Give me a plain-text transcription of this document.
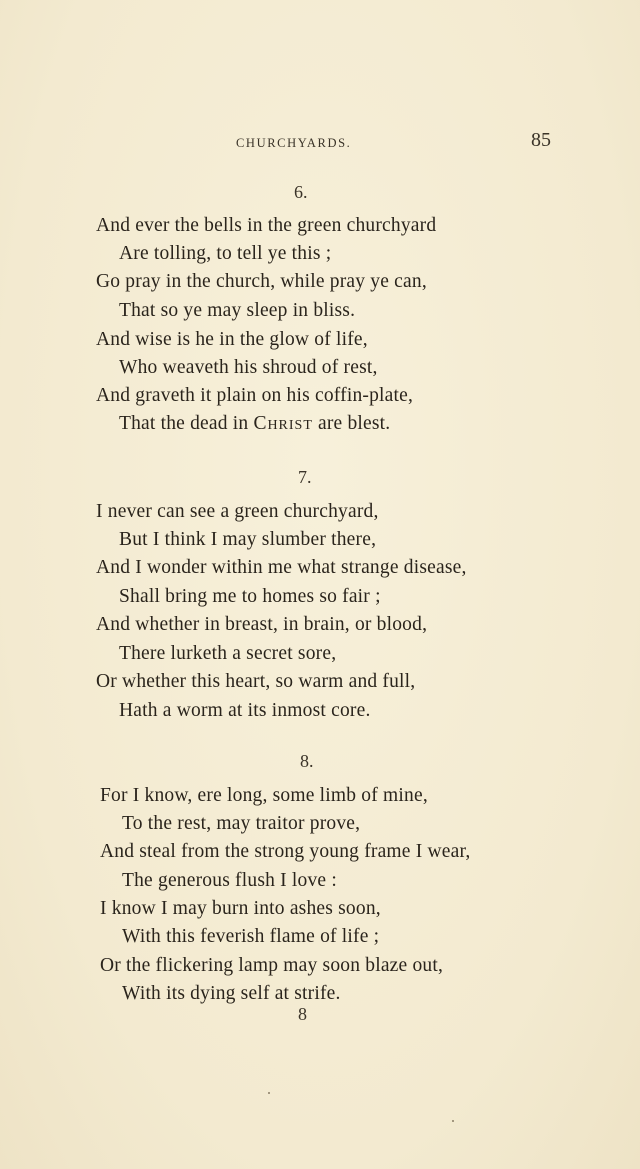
CHURCHYARDS.	85
6.
And ever the bells in the green churchyard
Are tolling, to tell ye this ;
Go pray in the church, while pray ye can,
That so ye may sleep in bliss.
And wise is he in the glow of life,
Who weaveth his shroud of rest,
And graveth it plain on his coffin-plate,
That the dead in Christ are blest.
7.
I never can see a green churchyard,
But I think I may slumber there,
And I wonder within me what strange disease,
Shall bring me to homes so fair ;
And whether in breast, in brain, or blood,
There lurketh a secret sore,
Or whether this heart, so warm and full,
Hath a worm at its inmost core.
8.
For I know, ere long, some limb of mine,
To the rest, may traitor prove,
And steal from the strong young frame I wear,
The generous flush I love :
I know I may burn into ashes soon,
With this feverish flame of life ;
Or the flickering lamp may soon blaze out,
With its dying self at strife.
8
